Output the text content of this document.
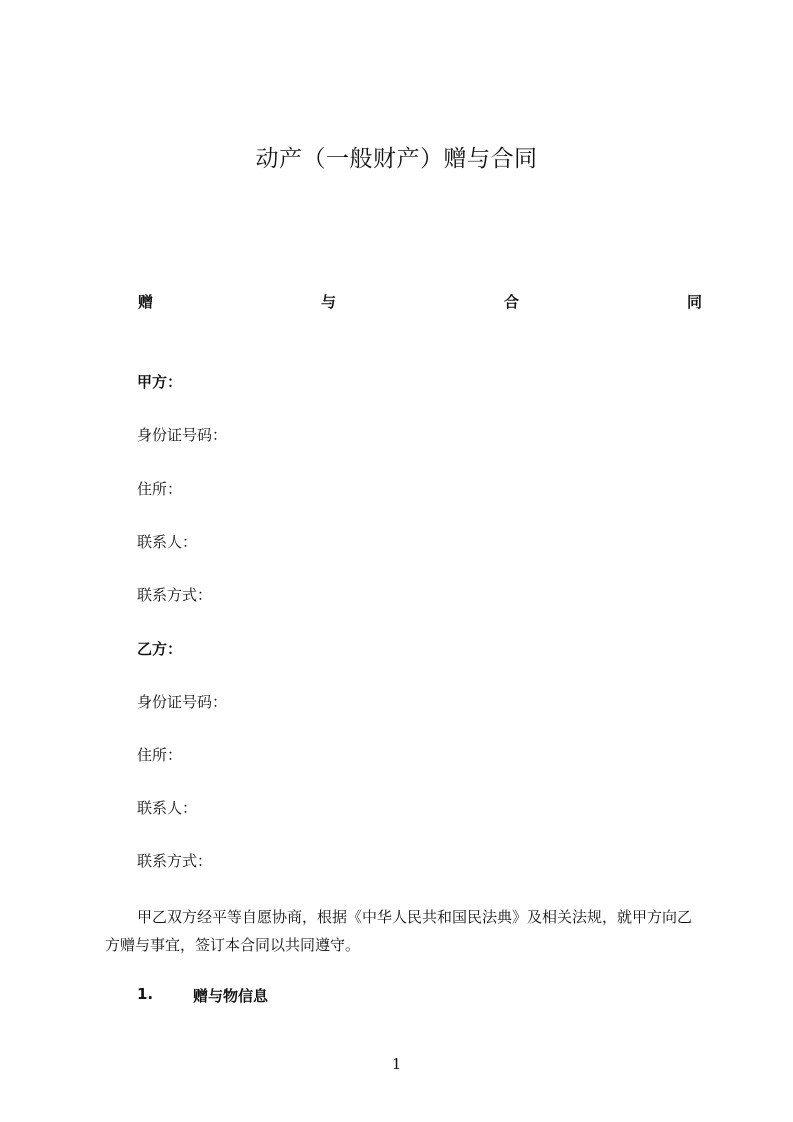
动产（一般财产）赠与合同
赠	与	合	同
甲方：
身份证号码：
住所：
联系人：
联系方式：
乙方：
身份证号码：
住所：
联系人：
联系方式：
甲乙双方经平等自愿协商，根据《中华人民共和国民法典》及相关法规，就甲方向乙方赠与事宜，签订本合同以共同遵守。
1.	赠与物信息
1
